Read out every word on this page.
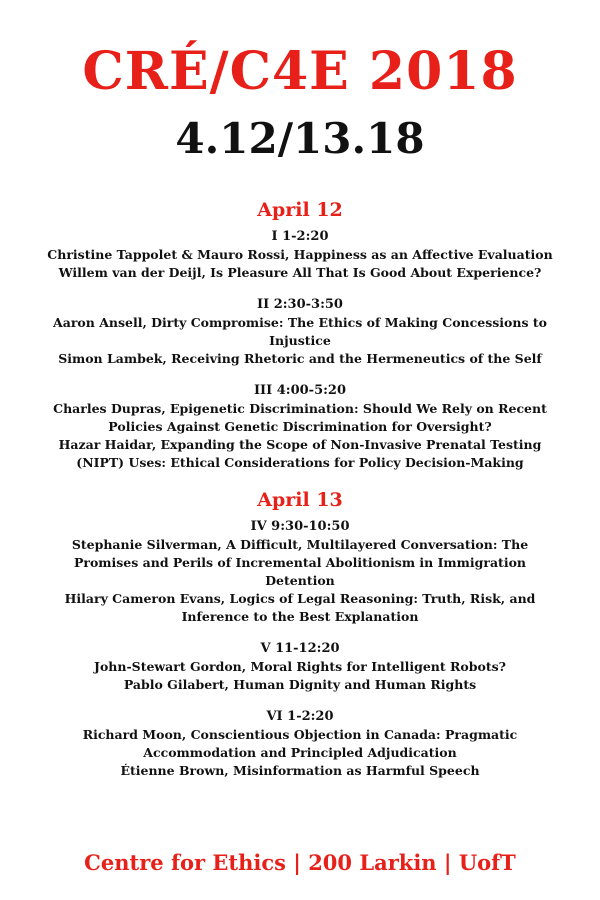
CRÉ/C4E 2018
4.12/13.18
April 12
I 1-2:20
Christine Tappolet & Mauro Rossi, Happiness as an Affective Evaluation
Willem van der Deijl, Is Pleasure All That Is Good About Experience?
II 2:30-3:50
Aaron Ansell, Dirty Compromise: The Ethics of Making Concessions to Injustice
Simon Lambek, Receiving Rhetoric and the Hermeneutics of the Self
III 4:00-5:20
Charles Dupras, Epigenetic Discrimination: Should We Rely on Recent Policies Against Genetic Discrimination for Oversight?
Hazar Haidar, Expanding the Scope of Non-Invasive Prenatal Testing (NIPT) Uses: Ethical Considerations for Policy Decision-Making
April 13
IV 9:30-10:50
Stephanie Silverman, A Difficult, Multilayered Conversation: The Promises and Perils of Incremental Abolitionism in Immigration Detention
Hilary Cameron Evans, Logics of Legal Reasoning: Truth, Risk, and Inference to the Best Explanation
V 11-12:20
John-Stewart Gordon, Moral Rights for Intelligent Robots?
Pablo Gilabert, Human Dignity and Human Rights
VI 1-2:20
Richard Moon, Conscientious Objection in Canada: Pragmatic Accommodation and Principled Adjudication
Étienne Brown, Misinformation as Harmful Speech
Centre for Ethics | 200 Larkin | UofT
